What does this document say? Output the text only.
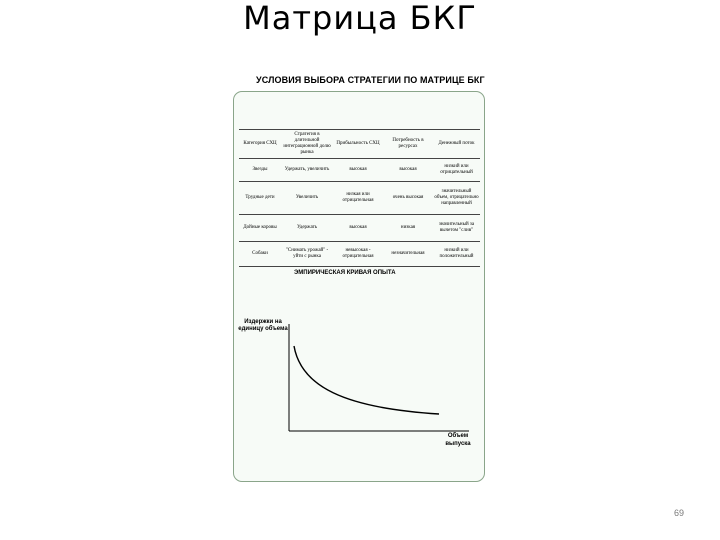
Матрица БКГ
УСЛОВИЯ ВЫБОРА СТРАТЕГИИ ПО МАТРИЦЕ БКГ
Категория СХЦ	Стратегия в длительной интеграционной долю рынка	Прибыльность СХЦ	Потребность в ресурсах	Денежный поток
Звезды	Удержать, увеличить	высокая	высокая	низкий или отрицательный
Трудные дети	Увеличить	низкая или отрицательная	очень высокая	значительный объем, отрицательно направленный
Дойные коровы	Удержать	высокая	низкая	значительный за вычетом "слив"
Собаки	"Снимать урожай" - уйти с рынка	невысокая - отрицательная	незначительная	низкий или положительный
ЭМПИРИЧЕСКАЯ КРИВАЯ ОПЫТА
Издержки на единицу объема
Объем выпуска
69
